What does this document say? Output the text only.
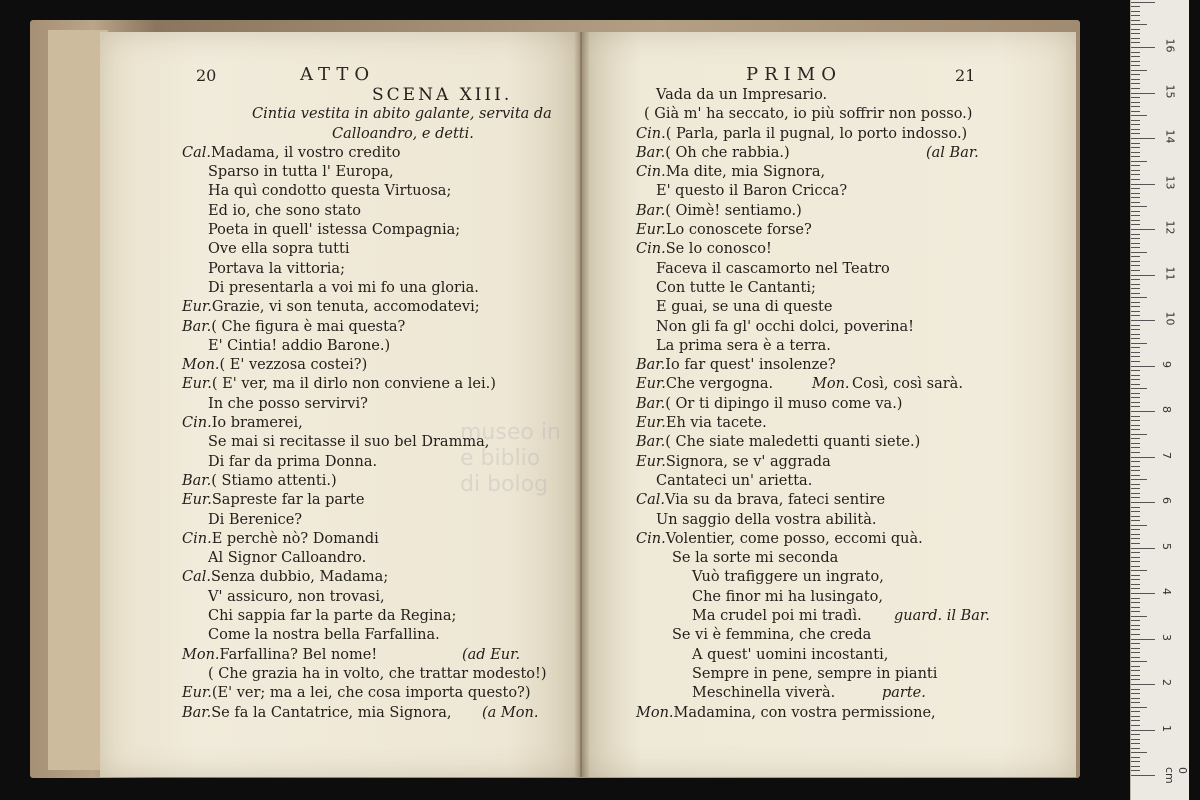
20	ATTO	PRIMO	21
SCENA XIII.
Cintia vestita in abito galante, servita da
Calloandro, e detti.
Cal.Madama, il vostro credito
Sparso in tutta l' Europa,
Ha quì condotto questa Virtuosa;
Ed io, che sono stato
Poeta in quell' istessa Compagnia;
Ove ella sopra tutti
Portava la vittoria;
Di presentarla a voi mi fo una gloria.
Eur.Grazie, vi son tenuta, accomodatevi;
Bar.( Che figura è mai questa?
E' Cintia! addio Barone.)
Mon.( E' vezzosa costei?)
Eur.( E' ver, ma il dirlo non conviene a lei.)
In che posso servirvi?
Cin.Io bramerei,
Se mai si recitasse il suo bel Dramma,
Di far da prima Donna.
Bar.( Stiamo attenti.)
Eur.Sapreste far la parte
Di Berenice?
Cin.E perchè nò? Domandi
Al Signor Calloandro.
Cal.Senza dubbio, Madama;
V' assicuro, non trovasi,
Chi sappia far la parte da Regina;
Come la nostra bella Farfallina.
Mon.Farfallina? Bel nome!	(ad Eur.
( Che grazia ha in volto, che trattar modesto!)
Eur.(E' ver; ma a lei, che cosa importa questo?)
Bar.Se fa la Cantatrice, mia Signora, (a Mon.
Vada da un Impresario.
( Già m' ha seccato, io più soffrir non posso.)
Cin.( Parla, parla il pugnal, lo porto indosso.)
Bar.( Oh che rabbia.)	(al Bar.
Cin.Ma dite, mia Signora,
E' questo il Baron Cricca?
Bar.( Oimè! sentiamo.)
Eur.Lo conoscete forse?
Cin.Se lo conosco!
Faceva il cascamorto nel Teatro
Con tutte le Cantanti;
E guai, se una di queste
Non gli fa gl' occhi dolci, poverina!
La prima sera è a terra.
Bar.Io far quest' insolenze?
Eur.Che vergogna.	Mon. Così, così sarà.
Bar.( Or ti dipingo il muso come va.)
Eur.Eh via tacete.
Bar.( Che siate maledetti quanti siete.)
Eur.Signora, se v' aggrada
Cantateci un' arietta.
Cal.Via su da brava, fateci sentire
Un saggio della vostra abilità.
Cin.Volentier, come posso, eccomi quà.
Se la sorte mi seconda
Vuò trafiggere un ingrato,
Che finor mi ha lusingato,
Ma crudel poi mi tradì. guard. il Bar.
Se vi è femmina, che creda
A quest' uomini incostanti,
Sempre in pene, sempre in pianti
Meschinella viverà.	parte.
Mon.Madamina, con vostra permissione,
museo in
e biblio
di bolog
0 cm
1
2
3
4
5
6
7
8
9
10
11
12
13
14
15
16
